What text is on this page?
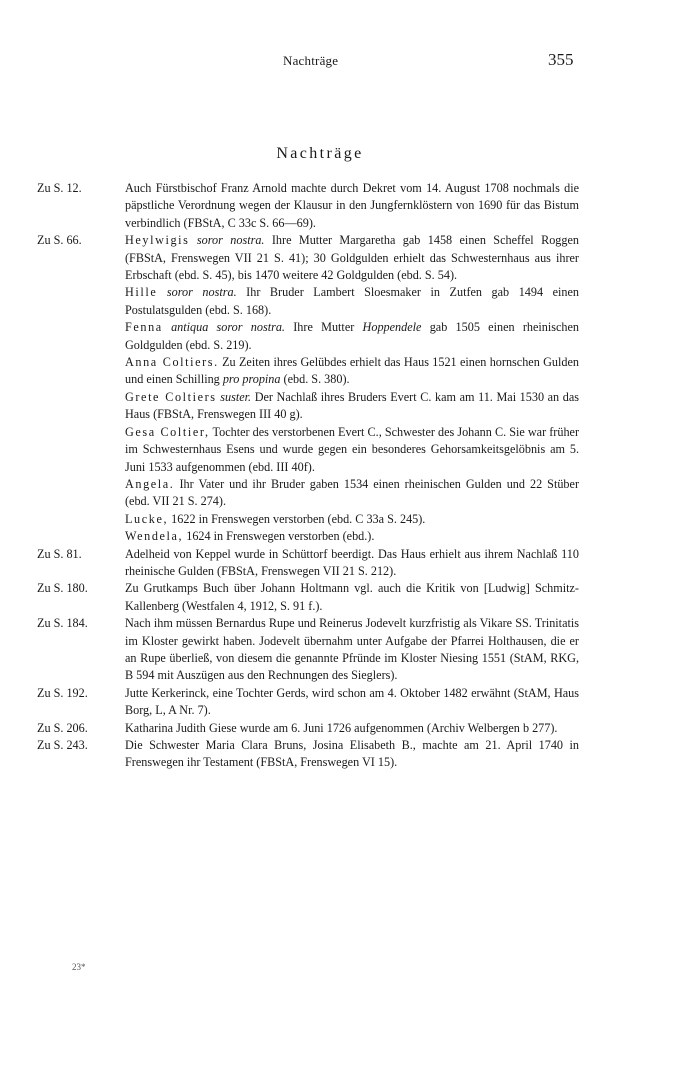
Nachträge	355
Nachträge
Zu S. 12.	Auch Fürstbischof Franz Arnold machte durch Dekret vom 14. August 1708 nochmals die päpstliche Verordnung wegen der Klausur in den Jungfernklöstern von 1690 für das Bistum verbindlich (FBStA, C 33c S. 66—69).

Zu S. 66.	Heylwigis soror nostra. Ihre Mutter Margaretha gab 1458 einen Scheffel Roggen (FBStA, Frenswegen VII 21 S. 41); 30 Goldgulden erhielt das Schwesternhaus aus ihrer Erbschaft (ebd. S. 45), bis 1470 weitere 42 Goldgulden (ebd. S. 54).

Hille soror nostra. Ihr Bruder Lambert Sloesmaker in Zutfen gab 1494 einen Postulatsgulden (ebd. S. 168).

Fenna antiqua soror nostra. Ihre Mutter Hoppendele gab 1505 einen rheinischen Goldgulden (ebd. S. 219).

Anna Coltiers. Zu Zeiten ihres Gelübdes erhielt das Haus 1521 einen hornschen Gulden und einen Schilling pro propina (ebd. S. 380).

Grete Coltiers suster. Der Nachlaß ihres Bruders Evert C. kam am 11. Mai 1530 an das Haus (FBStA, Frenswegen III 40 g).

Gesa Coltier, Tochter des verstorbenen Evert C., Schwester des Johann C. Sie war früher im Schwesternhaus Esens und wurde gegen ein besonderes Gehorsamkeitsgelöbnis am 5. Juni 1533 aufgenommen (ebd. III 40f).

Angela. Ihr Vater und ihr Bruder gaben 1534 einen rheinischen Gulden und 22 Stüber (ebd. VII 21 S. 274).

Lucke, 1622 in Frenswegen verstorben (ebd. C 33a S. 245).

Wendela, 1624 in Frenswegen verstorben (ebd.).

Zu S. 81.	Adelheid von Keppel wurde in Schüttorf beerdigt. Das Haus erhielt aus ihrem Nachlaß 110 rheinische Gulden (FBStA, Frenswegen VII 21 S. 212).

Zu S. 180.	Zu Grutkamps Buch über Johann Holtmann vgl. auch die Kritik von [Ludwig] Schmitz-Kallenberg (Westfalen 4, 1912, S. 91 f.).

Zu S. 184.	Nach ihm müssen Bernardus Rupe und Reinerus Jodevelt kurzfristig als Vikare SS. Trinitatis im Kloster gewirkt haben. Jodevelt übernahm unter Aufgabe der Pfarrei Holthausen, die er an Rupe überließ, von diesem die genannte Pfründe im Kloster Niesing 1551 (StAM, RKG, B 594 mit Auszügen aus den Rechnungen des Sieglers).

Zu S. 192.	Jutte Kerkerinck, eine Tochter Gerds, wird schon am 4. Oktober 1482 erwähnt (StAM, Haus Borg, L, A Nr. 7).

Zu S. 206.	Katharina Judith Giese wurde am 6. Juni 1726 aufgenommen (Archiv Welbergen b 277).

Zu S. 243.	Die Schwester Maria Clara Bruns, Josina Elisabeth B., machte am 21. April 1740 in Frenswegen ihr Testament (FBStA, Frenswegen VI 15).

23*
